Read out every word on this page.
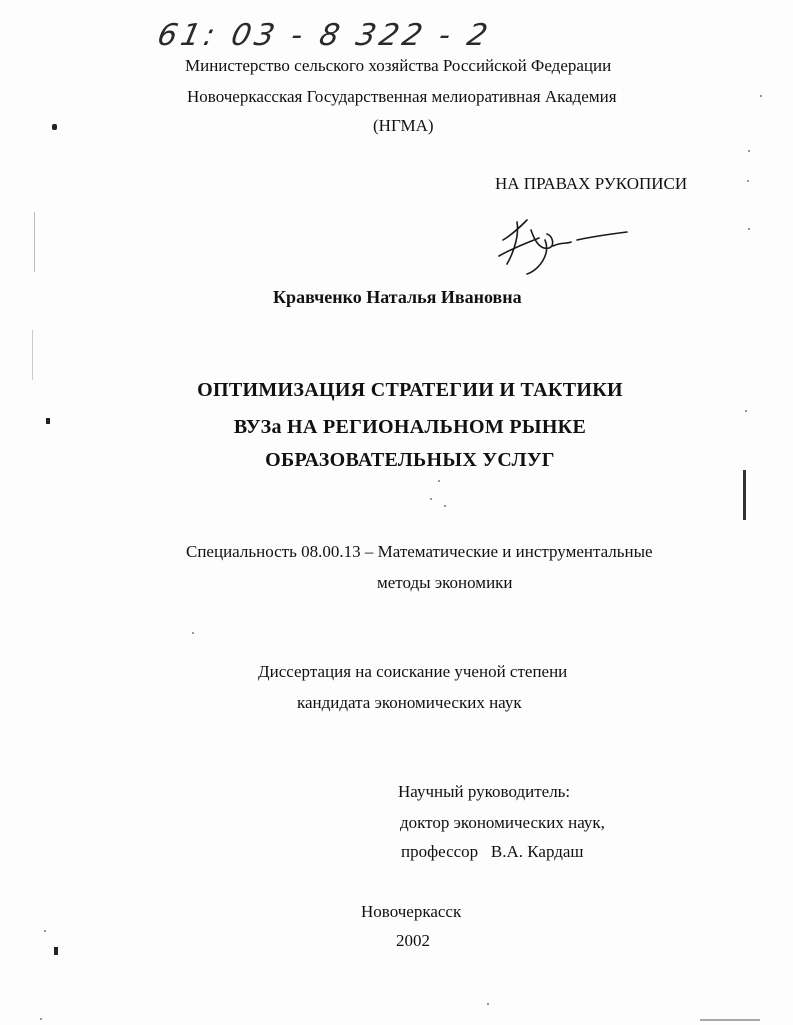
61: 03 - 8 322 - 2
Министерство сельского хозяйства Российской Федерации
Новочеркасская Государственная мелиоративная Академия
(НГМА)
НА ПРАВАХ РУКОПИСИ
Кравченко Наталья Ивановна
ОПТИМИЗАЦИЯ СТРАТЕГИИ И ТАКТИКИ
ВУЗа НА РЕГИОНАЛЬНОМ РЫНКЕ
ОБРАЗОВАТЕЛЬНЫХ УСЛУГ
Специальность 08.00.13 – Математические и инструментальные
методы экономики
Диссертация на соискание ученой степени
кандидата экономических наук
Научный руководитель:
доктор экономических наук,
профессор   В.А. Кардаш
Новочеркасск
2002
